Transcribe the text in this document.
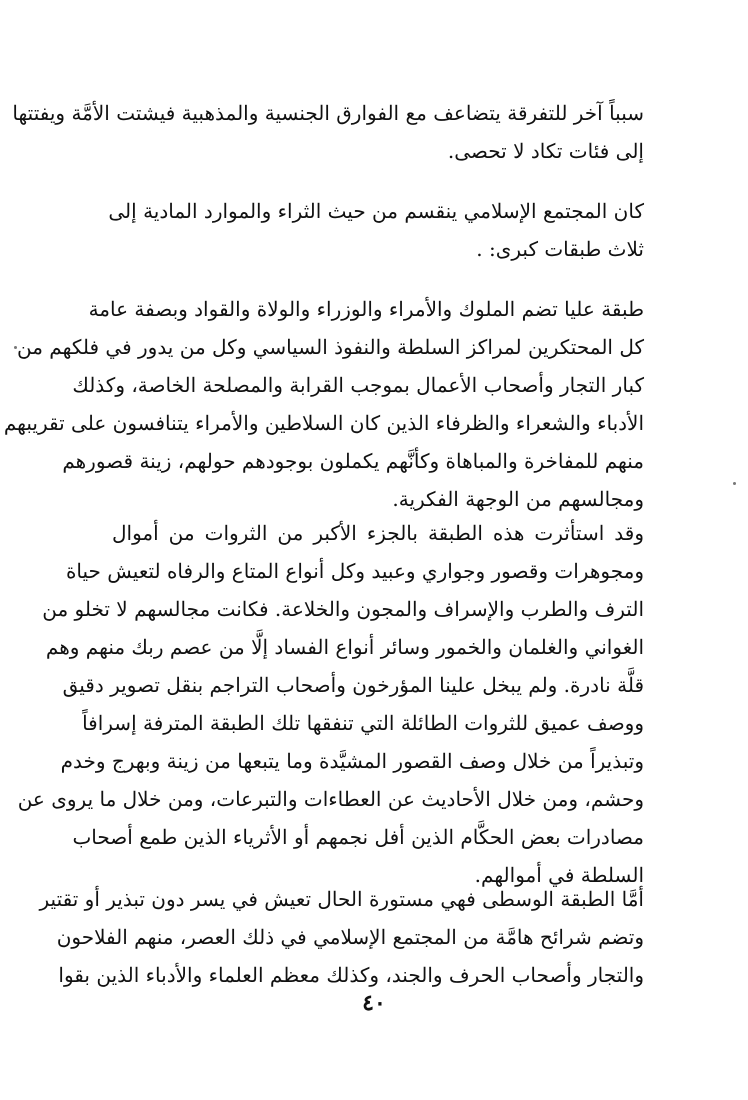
سبباً آخر للتفرقة يتضاعف مع الفوارق الجنسية والمذهبية فيشتت الأمَّة ويفتتها
إلى فئات تكاد لا تحصى.
كان المجتمع الإسلامي ينقسم من حيث الثراء والموارد المادية إلى
ثلاث طبقات كبرى: .
طبقة عليا تضم الملوك والأمراء والوزراء والولاة والقواد وبصفة عامة
كل المحتكرين لمراكز السلطة والنفوذ السياسي وكل من يدور في فلكهم من
كبار التجار وأصحاب الأعمال بموجب القرابة والمصلحة الخاصة، وكذلك
الأدباء والشعراء والظرفاء الذين كان السلاطين والأمراء يتنافسون على تقريبهم
منهم للمفاخرة والمباهاة وكأنَّهم يكملون بوجودهم حولهم، زينة قصورهم
ومجالسهم من الوجهة الفكرية.
وقد استأثرت هذه الطبقة بالجزء الأكبر من الثروات من أموال
ومجوهرات وقصور وجواري وعبيد وكل أنواع المتاع والرفاه لتعيش حياة
الترف والطرب والإسراف والمجون والخلاعة. فكانت مجالسهم لا تخلو من
الغواني والغلمان والخمور وسائر أنواع الفساد إلَّا من عصم ربك منهم وهم
قلَّة نادرة. ولم يبخل علينا المؤرخون وأصحاب التراجم بنقل تصوير دقيق
ووصف عميق للثروات الطائلة التي تنفقها تلك الطبقة المترفة إسرافاً
وتبذيراً من خلال وصف القصور المشيَّدة وما يتبعها من زينة وبهرج وخدم
وحشم، ومن خلال الأحاديث عن العطاءات والتبرعات، ومن خلال ما يروى عن
مصادرات بعض الحكَّام الذين أفل نجمهم أو الأثرياء الذين طمع أصحاب
السلطة في أموالهم.
أمَّا الطبقة الوسطى فهي مستورة الحال تعيش في يسر دون تبذير أو تقتير
وتضم شرائح هامَّة من المجتمع الإسلامي في ذلك العصر، منهم الفلاحون
والتجار وأصحاب الحرف والجند، وكذلك معظم العلماء والأدباء الذين بقوا
٤٠
